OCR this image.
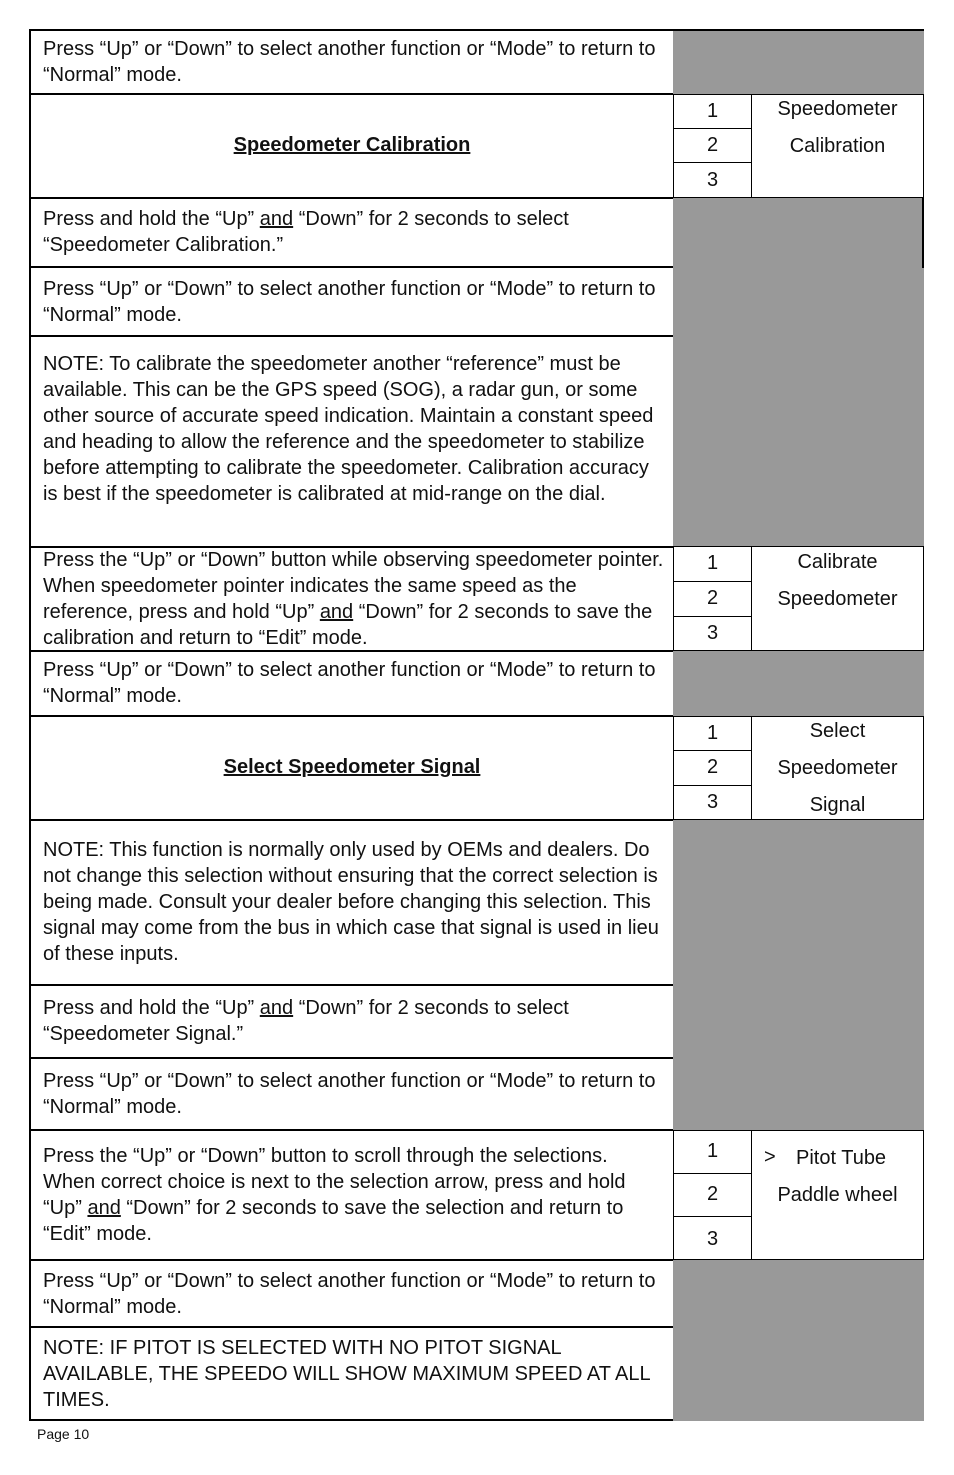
Press “Up” or “Down” to select another function or “Mode” to return to “Normal” mode.
Speedometer Calibration
1
2
3
Speedometer
Calibration
Press and hold the “Up” and “Down” for 2 seconds to select “Speedometer Calibration.”
Press “Up” or “Down” to select another function or “Mode” to return to “Normal” mode.
NOTE: To calibrate the speedometer another “reference” must be available. This can be the GPS speed (SOG), a radar gun, or some other source of accurate speed indication. Maintain a constant speed and heading to allow the reference and the speedometer to stabilize before attempting to calibrate the speedometer. Calibration accuracy is best if the speedometer is calibrated at mid-range on the dial.
Press the “Up” or “Down” button while observing speedometer pointer. When speedometer pointer indicates the same speed as the reference, press and hold “Up” and “Down” for 2 seconds to save the calibration and return to “Edit” mode.
1
2
3
Calibrate
Speedometer
Press “Up” or “Down” to select another function or “Mode” to return to “Normal” mode.
Select Speedometer Signal
1
2
3
Select
Speedometer
Signal
NOTE: This function is normally only used by OEMs and dealers. Do not change this selection without ensuring that the correct selection is being made. Consult your dealer before changing this selection. This signal may come from the bus in which case that signal is used in lieu of these inputs.
Press and hold the “Up” and “Down” for 2 seconds to select “Speedometer Signal.”
Press “Up” or “Down” to select another function or “Mode” to return to “Normal” mode.
Press the “Up” or “Down” button to scroll through the selections. When correct choice is next to the selection arrow, press and hold “Up” and “Down” for 2 seconds to save the selection and return to “Edit” mode.
1
2
3
> Pitot Tube
Paddle wheel
Press “Up” or “Down” to select another function or “Mode” to return to “Normal” mode.
NOTE: IF PITOT IS SELECTED WITH NO PITOT SIGNAL AVAILABLE, THE SPEEDO WILL SHOW MAXIMUM SPEED AT ALL TIMES.
Page 10
